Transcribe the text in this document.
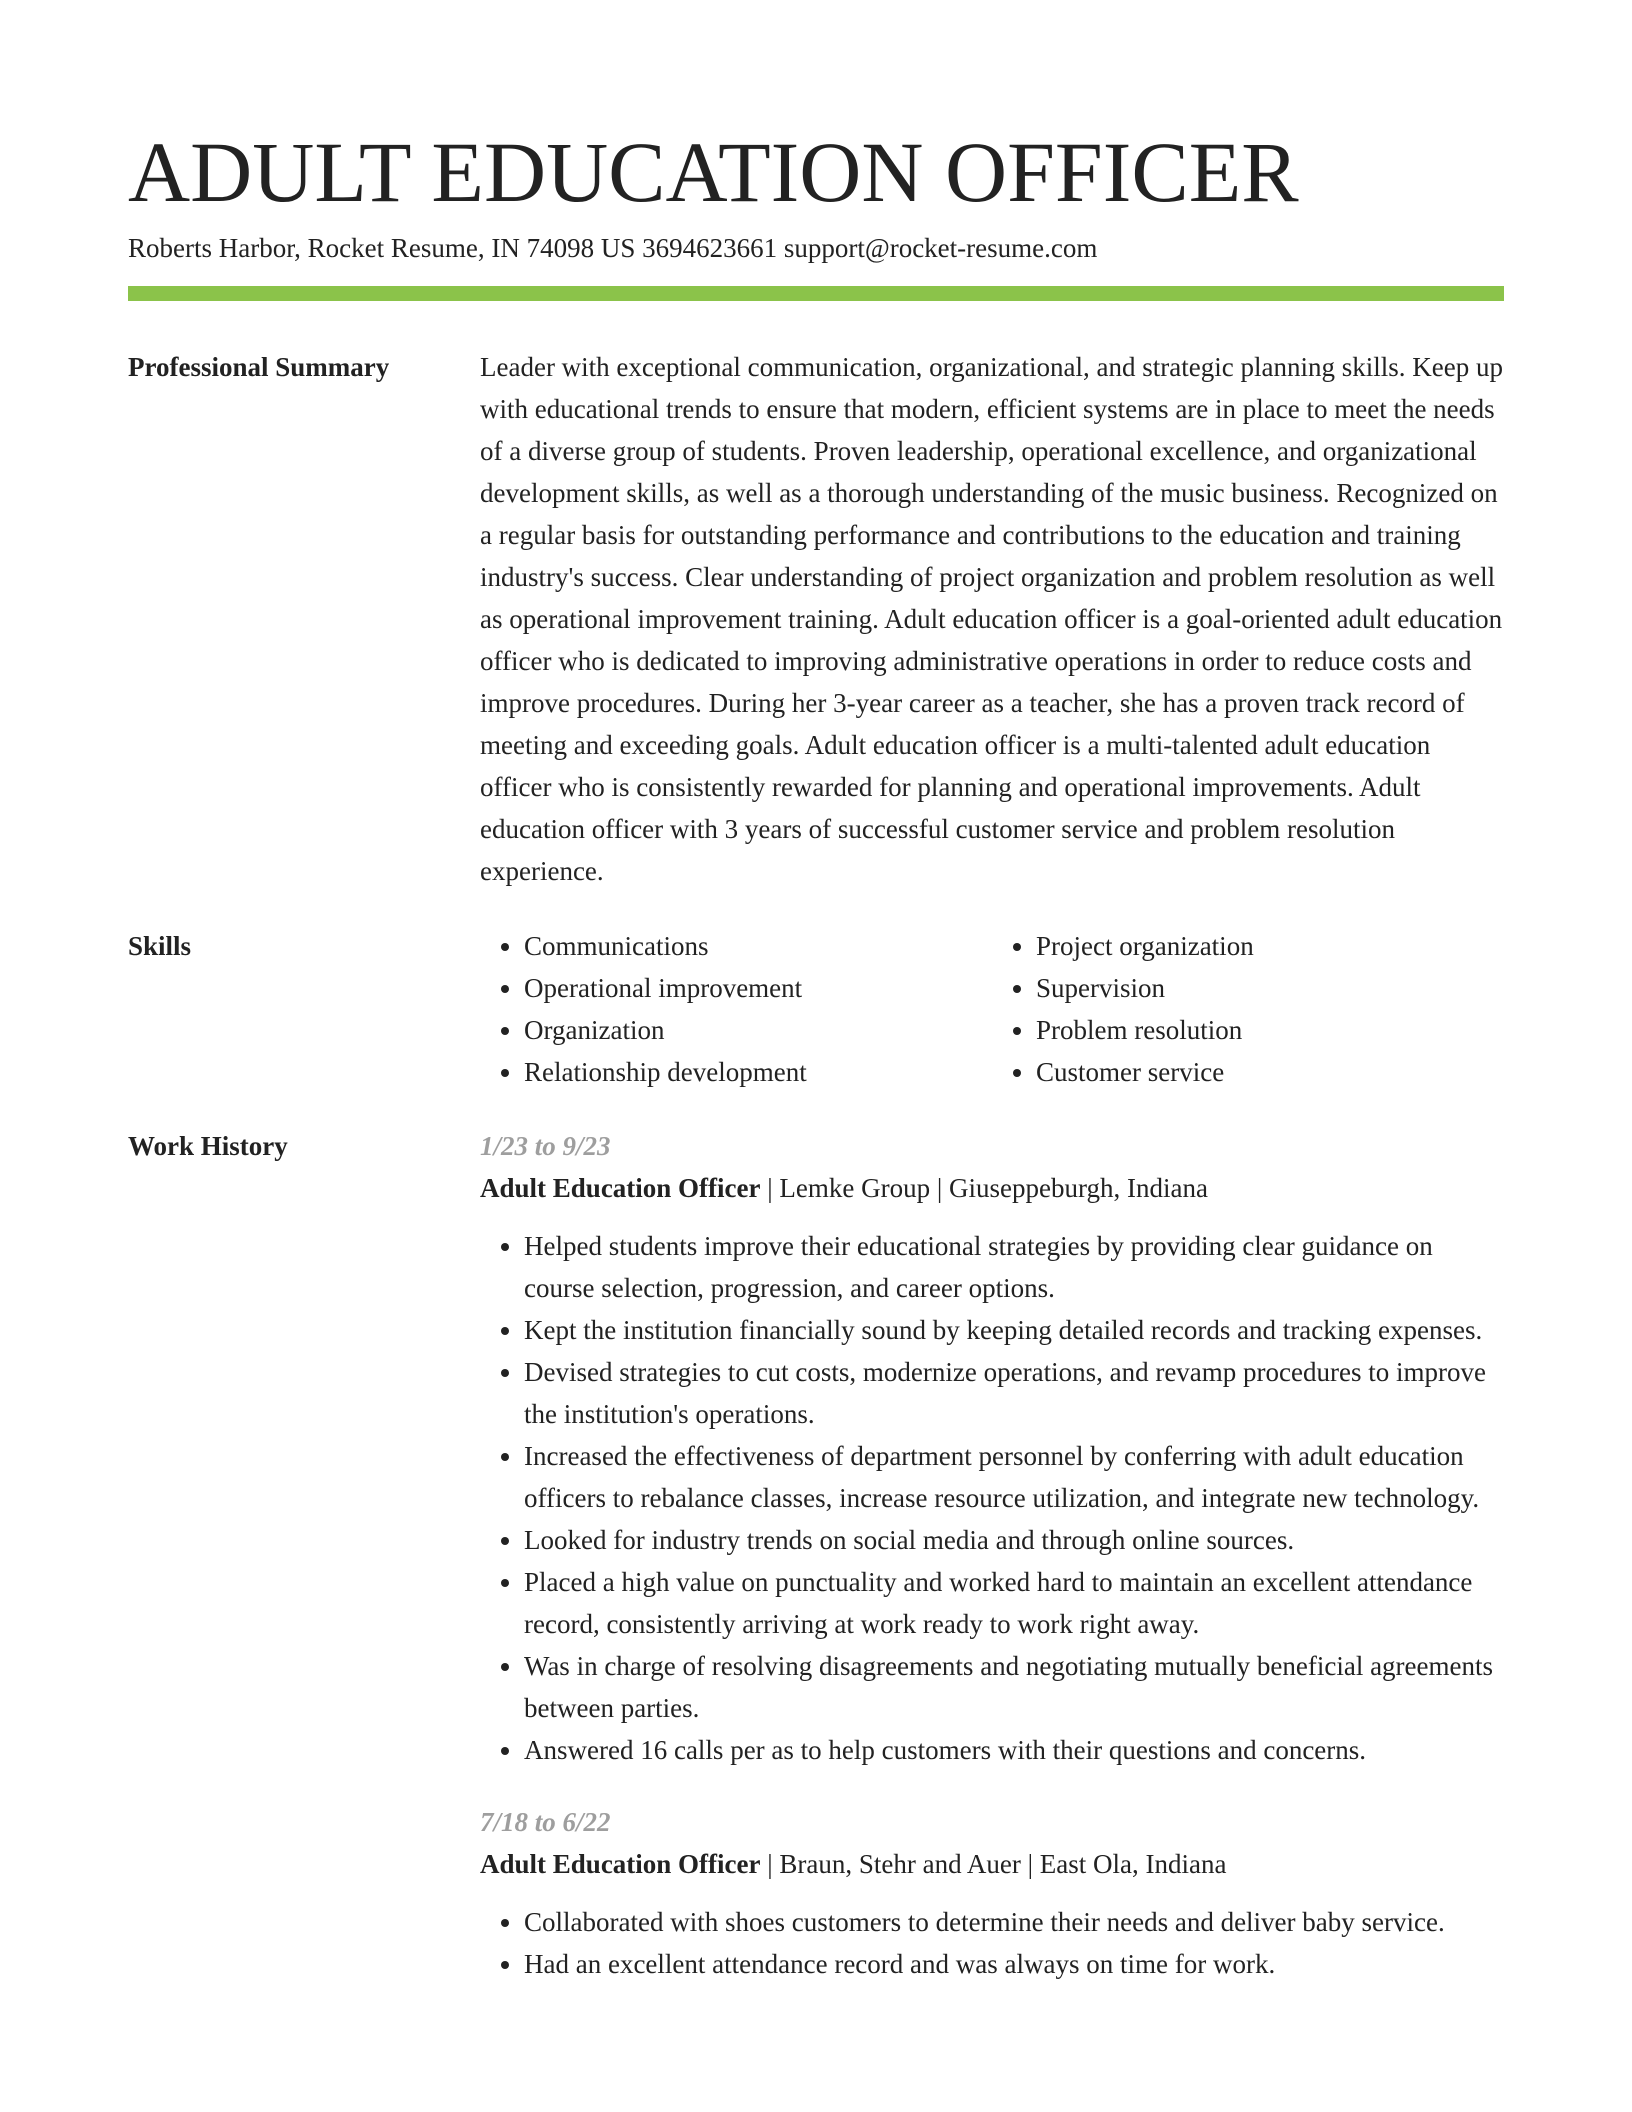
ADULT EDUCATION OFFICER
Roberts Harbor, Rocket Resume, IN 74098 US 3694623661 support@rocket-resume.com
Professional Summary	Leader with exceptional communication, organizational, and strategic planning skills. Keep up with educational trends to ensure that modern, efficient systems are in place to meet the needs of a diverse group of students. Proven leadership, operational excellence, and organizational development skills, as well as a thorough understanding of the music business. Recognized on a regular basis for outstanding performance and contributions to the education and training industry's success. Clear understanding of project organization and problem resolution as well as operational improvement training. Adult education officer is a goal-oriented adult education officer who is dedicated to improving administrative operations in order to reduce costs and improve procedures. During her 3-year career as a teacher, she has a proven track record of meeting and exceeding goals. Adult education officer is a multi-talented adult education officer who is consistently rewarded for planning and operational improvements. Adult education officer with 3 years of successful customer service and problem resolution experience.

Skills
•	Communications
• Operational improvement
• Organization
• Relationship development
• Project organization
• Supervision
• Problem resolution
• Customer service
Work History	1/23 to 9/23
Adult Education Officer | Lemke Group | Giuseppeburgh, Indiana
• Helped students improve their educational strategies by providing clear guidance on course selection, progression, and career options.
• Kept the institution financially sound by keeping detailed records and tracking expenses.
• Devised strategies to cut costs, modernize operations, and revamp procedures to improve the institution's operations.
• Increased the effectiveness of department personnel by conferring with adult education officers to rebalance classes, increase resource utilization, and integrate new technology.
• Looked for industry trends on social media and through online sources.
• Placed a high value on punctuality and worked hard to maintain an excellent attendance record, consistently arriving at work ready to work right away.
• Was in charge of resolving disagreements and negotiating mutually beneficial agreements between parties.
• Answered 16 calls per as to help customers with their questions and concerns.
7/18 to 6/22
Adult Education Officer | Braun, Stehr and Auer | East Ola, Indiana
• Collaborated with shoes customers to determine their needs and deliver baby service.
• Had an excellent attendance record and was always on time for work.
